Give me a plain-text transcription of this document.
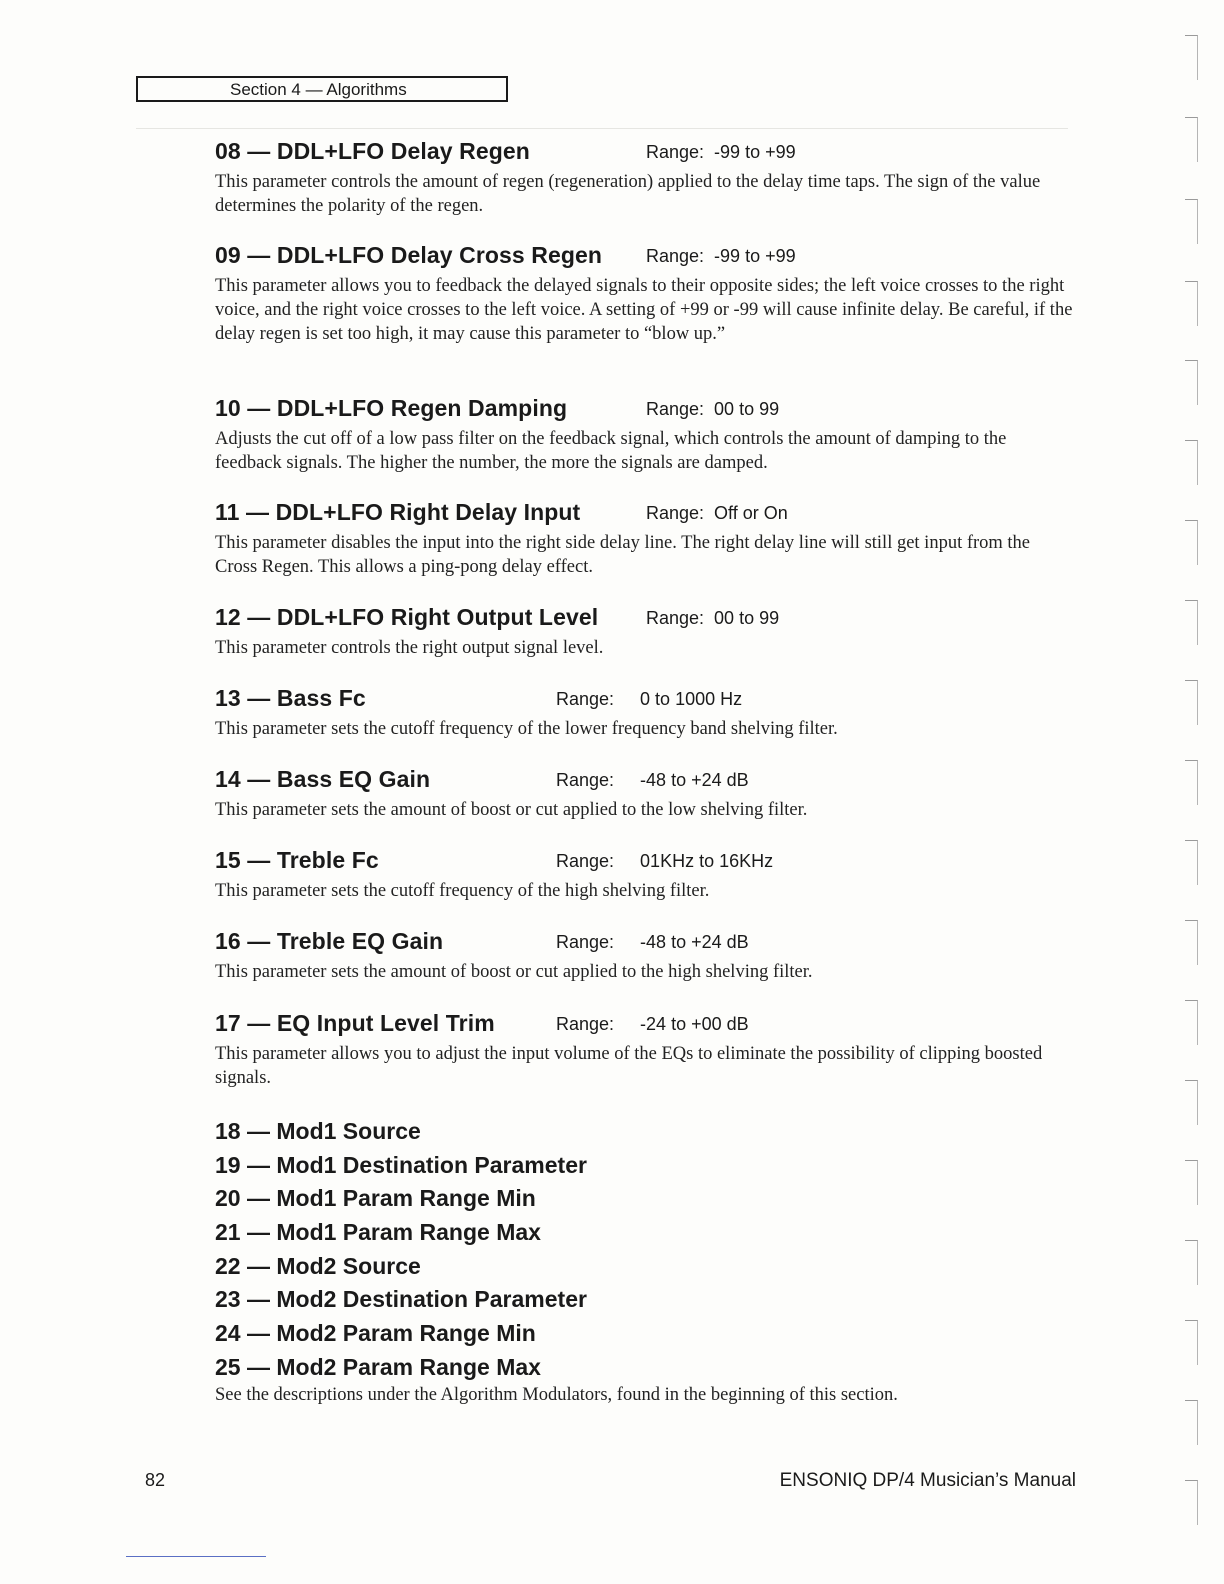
Section 4 — Algorithms
08 — DDL+LFO Delay Regen	Range: -99 to +99
This parameter controls the amount of regen (regeneration) applied to the delay time taps. The sign of the value determines the polarity of the regen.
09 — DDL+LFO Delay Cross Regen Range: -99 to +99
This parameter allows you to feedback the delayed signals to their opposite sides; the left voice crosses to the right voice, and the right voice crosses to the left voice. A setting of +99 or -99 will cause infinite delay. Be careful, if the delay regen is set too high, it may cause this parameter to “blow up.”
10 — DDL+LFO Regen Damping	Range: 00 to 99
Adjusts the cut off of a low pass filter on the feedback signal, which controls the amount of damping to the feedback signals. The higher the number, the more the signals are damped.
11 — DDL+LFO Right Delay Input	Range: Off or On
This parameter disables the input into the right side delay line. The right delay line will still get input from the Cross Regen. This allows a ping-pong delay effect.
12 — DDL+LFO Right Output Level	Range: 00 to 99
This parameter controls the right output signal level.
13 — Bass Fc	Range: 0 to 1000 Hz
This parameter sets the cutoff frequency of the lower frequency band shelving filter.
14 — Bass EQ Gain	Range: -48 to +24 dB
This parameter sets the amount of boost or cut applied to the low shelving filter.
15 — Treble Fc	Range: 01KHz to 16KHz
This parameter sets the cutoff frequency of the high shelving filter.
16 — Treble EQ Gain	Range: -48 to +24 dB
This parameter sets the amount of boost or cut applied to the high shelving filter.
17 — EQ Input Level Trim	Range: -24 to +00 dB
This parameter allows you to adjust the input volume of the EQs to eliminate the possibility of clipping boosted signals.
18 — Mod1 Source
19 — Mod1 Destination Parameter
20 — Mod1 Param Range Min
21 — Mod1 Param Range Max
22 — Mod2 Source
23 — Mod2 Destination Parameter
24 — Mod2 Param Range Min
25 — Mod2 Param Range Max
See the descriptions under the Algorithm Modulators, found in the beginning of this section.
82	ENSONIQ DP/4 Musician’s Manual
